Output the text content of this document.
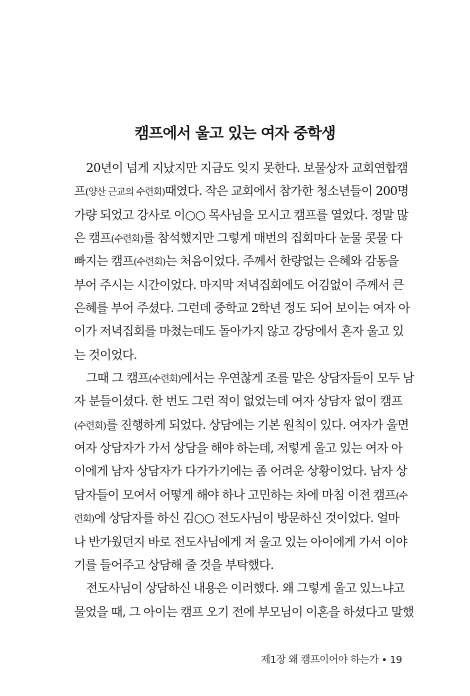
캠프에서 울고 있는 여자 중학생
20년이 넘게 지났지만 지금도 잊지 못한다. 보물상자 교회연합캠
프(양산 근교의 수련회)때였다. 작은 교회에서 참가한 청소년들이 200명
가량 되었고 강사로 이○○ 목사님을 모시고 캠프를 열었다. 정말 많
은 캠프(수련회)를 참석했지만 그렇게 매번의 집회마다 눈물 콧물 다
빠지는 캠프(수련회)는 처음이었다. 주께서 한량없는 은혜와 감동을
부어 주시는 시간이었다. 마지막 저녁집회에도 어김없이 주께서 큰
은혜를 부어 주셨다. 그런데 중학교 2학년 정도 되어 보이는 여자 아
이가 저녁집회를 마쳤는데도 돌아가지 않고 강당에서 혼자 울고 있
는 것이었다.
그때 그 캠프(수련회)에서는 우연찮게 조를 맡은 상담자들이 모두 남
자 분들이셨다. 한 번도 그런 적이 없었는데 여자 상담자 없이 캠프
(수련회)를 진행하게 되었다. 상담에는 기본 원칙이 있다. 여자가 울면
여자 상담자가 가서 상담을 해야 하는데, 저렇게 울고 있는 여자 아
이에게 남자 상담자가 다가가기에는 좀 어려운 상황이었다. 남자 상
담자들이 모여서 어떻게 해야 하나 고민하는 차에 마침 이전 캠프(수
련회)에 상담자를 하신 김○○ 전도사님이 방문하신 것이었다. 얼마
나 반가웠던지 바로 전도사님에게 저 울고 있는 아이에게 가서 이야
기를 들어주고 상담해 줄 것을 부탁했다.
전도사님이 상담하신 내용은 이러했다. 왜 그렇게 울고 있느냐고
물었을 때, 그 아이는 캠프 오기 전에 부모님이 이혼을 하셨다고 말했
제1장 왜 캠프이어야 하는가 • 19
